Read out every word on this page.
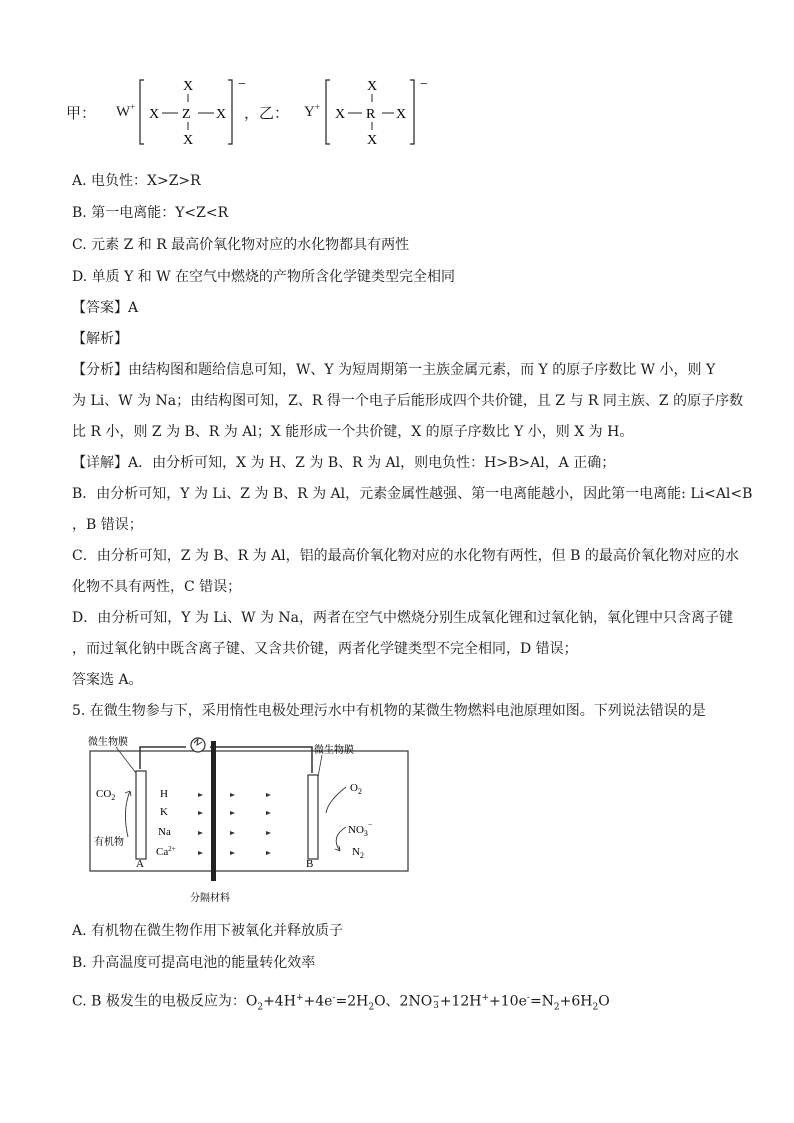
甲： W+
X
X Z X
X
−
，乙： Y+
X
X R X
X
−
A. 电负性：X>Z>R
B. 第一电离能：Y<Z<R
C. 元素 Z 和 R 最高价氧化物对应的水化物都具有两性
D. 单质 Y 和 W 在空气中燃烧的产物所含化学键类型完全相同
【答案】A
【解析】
【分析】由结构图和题给信息可知，W、Y 为短周期第一主族金属元素，而 Y 的原子序数比 W 小，则 Y
为 Li、W 为 Na；由结构图可知，Z、R 得一个电子后能形成四个共价键，且 Z 与 R 同主族、Z 的原子序数
比 R 小，则 Z 为 B、R 为 Al；X 能形成一个共价键，X 的原子序数比 Y 小，则 X 为 H。
【详解】A．由分析可知，X 为 H、Z 为 B、R 为 Al，则电负性：H>B>Al，A 正确；
B．由分析可知，Y 为 Li、Z 为 B、R 为 Al，元素金属性越强、第一电离能越小，因此第一电离能: Li<Al<B
，B 错误；
C．由分析可知，Z 为 B、R 为 Al，铝的最高价氧化物对应的水化物有两性，但 B 的最高价氧化物对应的水
化物不具有两性，C 错误；
D．由分析可知，Y 为 Li、W 为 Na，两者在空气中燃烧分别生成氧化锂和过氧化钠，氧化锂中只含离子键
，而过氧化钠中既含离子键、又含共价键，两者化学键类型不完全相同，D 错误；
答案选 A。
5. 在微生物参与下，采用惰性电极处理污水中有机物的某微生物燃料电池原理如图。下列说法错误的是
微生物膜
微生物膜
$CO_2$
有机物
H
K
Na
$Ca^{2+}$
$O_2$
$NO_3^-$
$N_2$
A	B
分隔材料
A. 有机物在微生物作用下被氧化并释放质子
B. 升高温度可提高电池的能量转化效率
C. B 极发生的电极反应为：$O_2+4H^++4e^-=2H_2O$、2NO −
$3 +12H^++10e^-=N_2+6H_2O$
